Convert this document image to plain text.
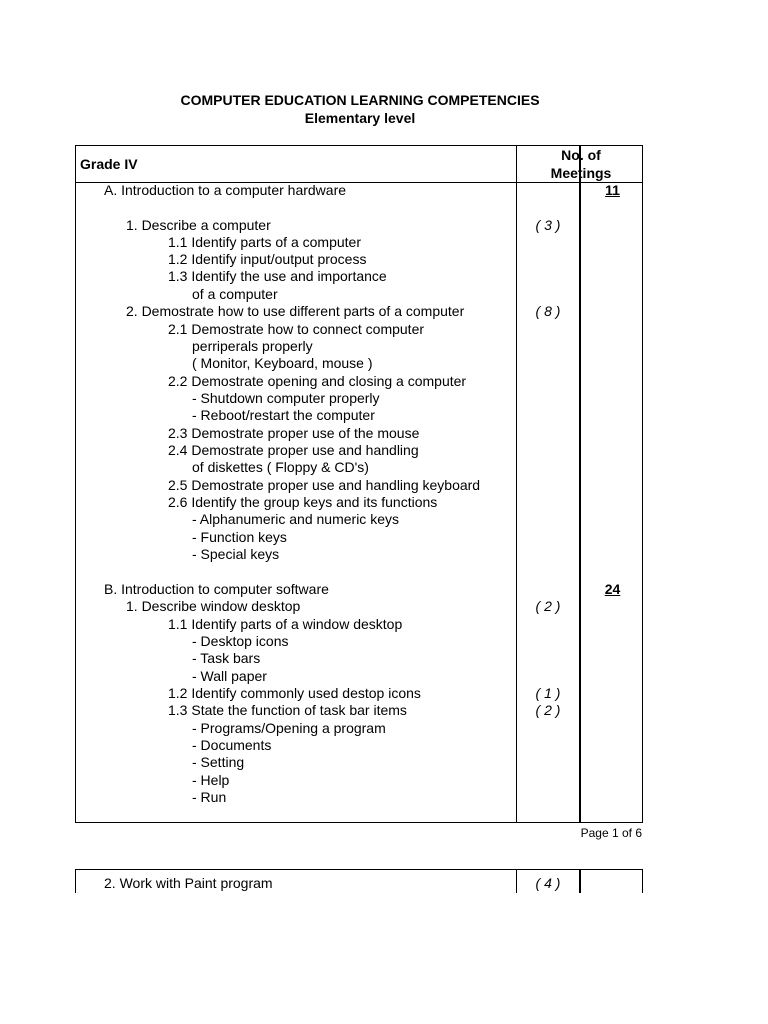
COMPUTER EDUCATION LEARNING COMPETENCIES
Elementary level
Grade IV
No. of Meetings
A. Introduction to a computer hardware	11
1. Describe a computer	( 3 )
1.1 Identify parts of a computer
1.2 Identify input/output process
1.3 Identify the use and importance
of a computer
2. Demostrate how to use different parts of a computer	( 8 )
2.1 Demostrate how to connect computer
perriperals properly
( Monitor, Keyboard, mouse )
2.2 Demostrate opening and closing a computer
- Shutdown computer properly
- Reboot/restart the computer
2.3 Demostrate proper use of the mouse
2.4 Demostrate proper use and handling
of diskettes ( Floppy & CD's)
2.5 Demostrate proper use and handling keyboard
2.6 Identify the group keys and its functions
- Alphanumeric and numeric keys
- Function keys
- Special keys
B. Introduction to computer software	24
1. Describe window desktop	( 2 )
1.1 Identify parts of a window desktop
- Desktop icons
- Task bars
- Wall paper
1.2 Identify commonly used destop icons	( 1 )
1.3 State the function of task bar items	( 2 )
- Programs/Opening a program
- Documents
- Setting
- Help
- Run
Page 1 of 6
2. Work with Paint program	( 4 )
